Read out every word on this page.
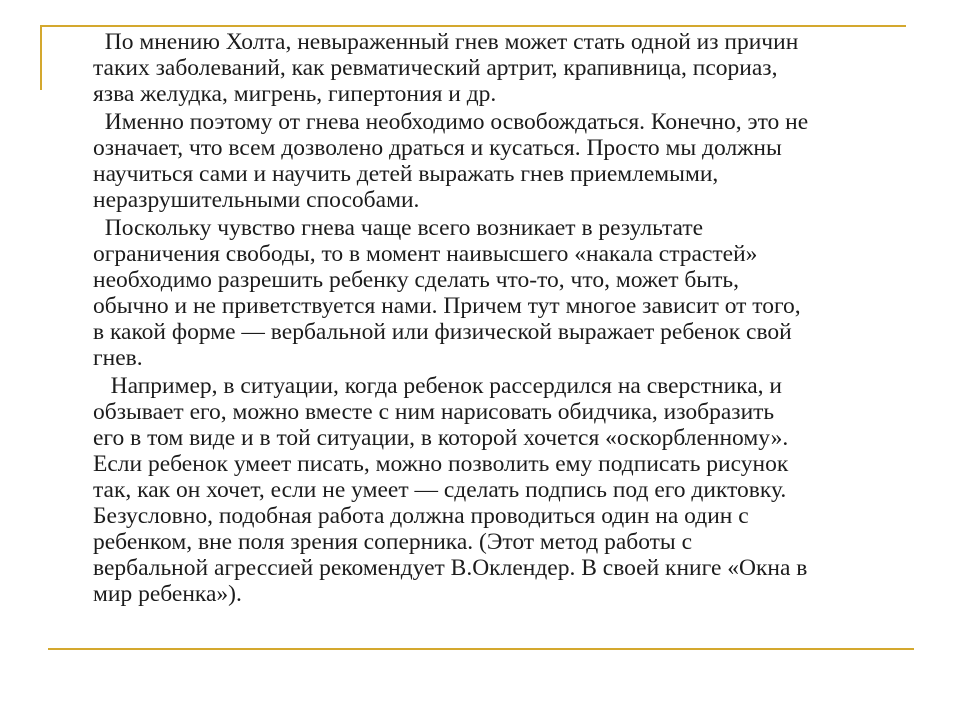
По мнению Холта, невыраженный гнев может стать одной из причин
таких заболеваний, как ревматический артрит, крапивница, псориаз,
язва желудка, мигрень, гипертония и др.

Именно поэтому от гнева необходимо освобождаться. Конечно, это не
означает, что всем дозволено драться и кусаться. Просто мы должны
научиться сами и научить детей выражать гнев приемлемыми,
неразрушительными способами.

Поскольку чувство гнева чаще всего возникает в результате
ограничения свободы, то в момент наивысшего «накала страстей»
необходимо разрешить ребенку сделать что-то, что, может быть,
обычно и не приветствуется нами. Причем тут многое зависит от того,
в какой форме — вербальной или физической выражает ребенок свой
гнев.

Например, в ситуации, когда ребенок рассердился на сверстника, и
обзывает его, можно вместе с ним нарисовать обидчика, изобразить
его в том виде и в той ситуации, в которой хочется «оскорбленному».
Если ребенок умеет писать, можно позволить ему подписать рисунок
так, как он хочет, если не умеет — сделать подпись под его диктовку.
Безусловно, подобная работа должна проводиться один на один с
ребенком, вне поля зрения соперника. (Этот метод работы с
вербальной агрессией рекомендует В.Оклендер. В своей книге «Окна в
мир ребенка»).
